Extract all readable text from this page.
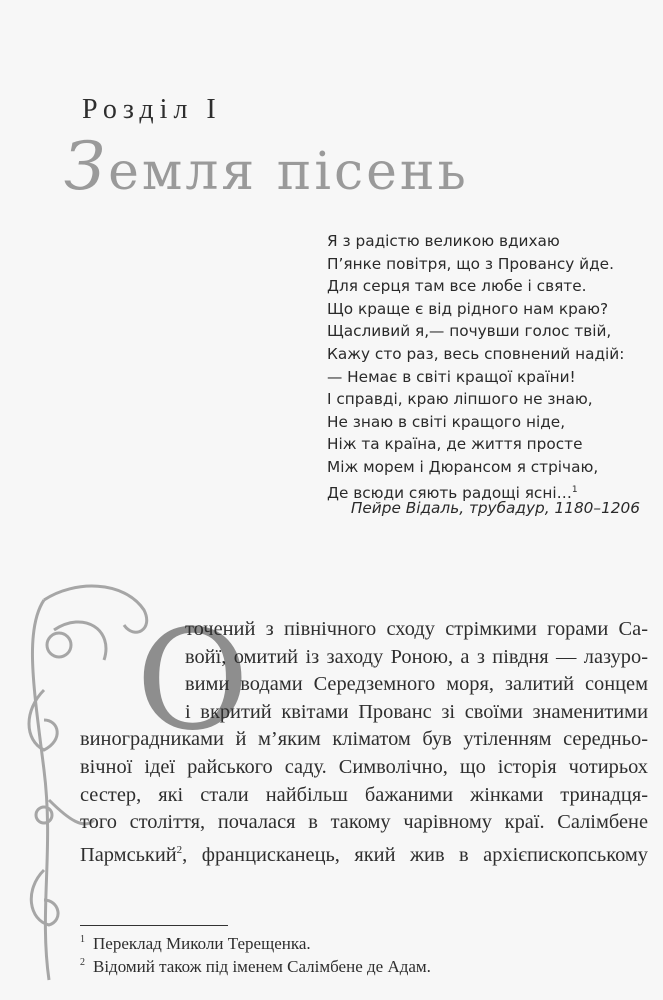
Розділ І
Земля пісень
Я з радістю великою вдихаю
П’янке повітря, що з Провансу йде.
Для серця там все любе і святе.
Що краще є від рідного нам краю?
Щасливий я,— почувши голос твій,
Кажу сто раз, весь сповнений надій:
— Немає в світі кращої країни!
І справді, краю ліпшого не знаю,
Не знаю в світі кращого ніде,
Ніж та країна, де життя просте
Між морем і Дюрансом я стрічаю,
Де всюди сяють радощі ясні…$^1$
Пейре Відаль, трубадур, 1180–1206
О
точений з північного сходу стрімкими горами Са-
войї, омитий із заходу Роною, а з півдня — лазуро-
вими водами Середземного моря, залитий сонцем
і вкритий квітами Прованс зі своїми знаменитими
виноградниками й м’яким кліматом був утіленням середньо-
вічної ідеї райського саду. Символічно, що історія чотирьох
сестер, які стали найбільш бажаними жінками тринадця-
того століття, почалася в такому чарівному краї. Салімбене
Пармський$^2$, францисканець, який жив в архієпископському
$^1$ Переклад Миколи Терещенка.
$^2$ Відомий також під іменем Салімбене де Адам.
